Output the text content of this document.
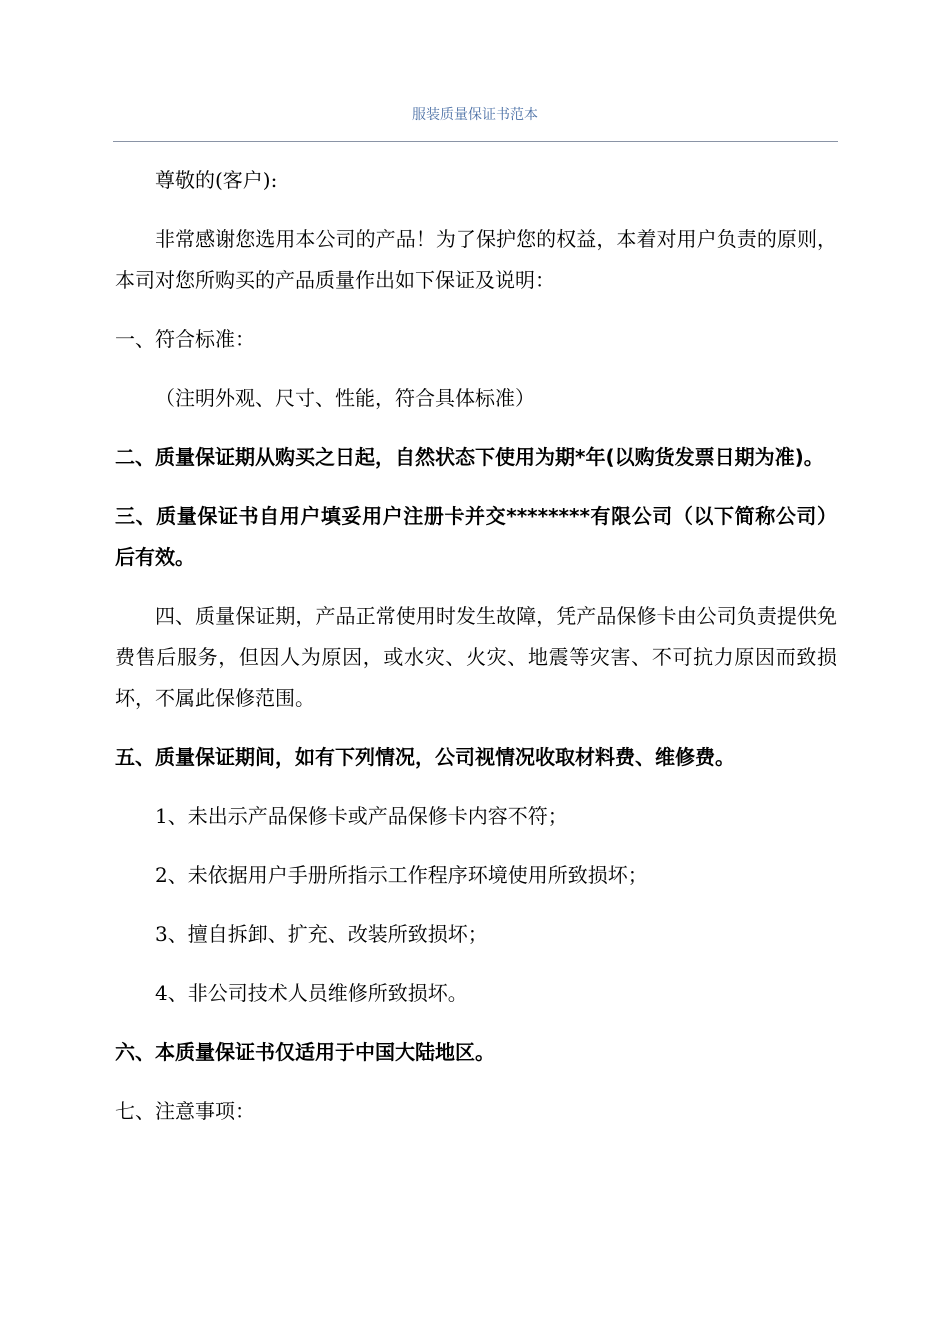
服装质量保证书范本

尊敬的(客户):

非常感谢您选用本公司的产品！为了保护您的权益，本着对用户负责的原则，本司对您所购买的产品质量作出如下保证及说明：

一、符合标准：

（注明外观、尺寸、性能，符合具体标准）

二、质量保证期从购买之日起，自然状态下使用为期*年(以购货发票日期为准)。

三、质量保证书自用户填妥用户注册卡并交********有限公司（以下简称公司）后有效。

四、质量保证期，产品正常使用时发生故障，凭产品保修卡由公司负责提供免费售后服务，但因人为原因，或水灾、火灾、地震等灾害、不可抗力原因而致损坏，不属此保修范围。

五、质量保证期间，如有下列情况，公司视情况收取材料费、维修费。

1、未出示产品保修卡或产品保修卡内容不符；

2、未依据用户手册所指示工作程序环境使用所致损坏；

3、擅自拆卸、扩充、改装所致损坏；

4、非公司技术人员维修所致损坏。

六、本质量保证书仅适用于中国大陆地区。

七、注意事项：
